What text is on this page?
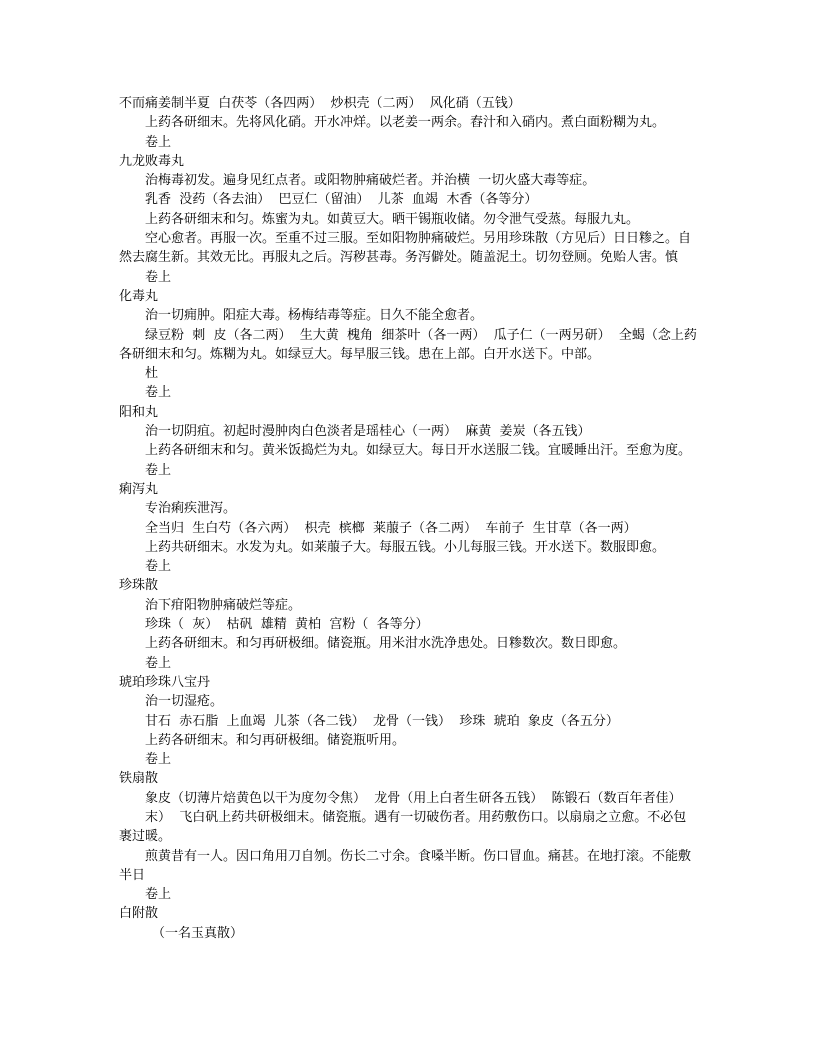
不而痛姜制半夏  白茯苓（各四两）  炒枳壳（二两）  风化硝（五钱）

上药各研细末。先将风化硝。开水冲烊。以老姜一两余。舂汁和入硝内。煮白面粉糊为丸。

卷上

九龙败毒丸

治梅毒初发。遍身见红点者。或阳物肿痛破烂者。并治横  一切火盛大毒等症。

乳香  没药（各去油）  巴豆仁（留油）  儿茶  血竭  木香（各等分）

上药各研细末和匀。炼蜜为丸。如黄豆大。晒干锡瓶收储。勿令泄气受蒸。每服九丸。

空心愈者。再服一次。至重不过三服。至如阳物肿痛破烂。另用珍珠散（方见后）日日糁之。自然去腐生新。其效无比。再服丸之后。泻秽甚毒。务泻僻处。随盖泥土。切勿登厕。免贻人害。慎

卷上

化毒丸

治一切痈肿。阳症大毒。杨梅结毒等症。日久不能全愈者。

绿豆粉  刺  皮（各二两）  生大黄  槐角  细茶叶（各一两）  瓜子仁（一两另研）  全蝎（念上药各研细末和匀。炼糊为丸。如绿豆大。每早服三钱。患在上部。白开水送下。中部。

杜

卷上

阳和丸

治一切阴疽。初起时漫肿肉白色淡者是瑶桂心（一两）  麻黄  姜炭（各五钱）

上药各研细末和匀。黄米饭捣烂为丸。如绿豆大。每日开水送服二钱。宜暖睡出汗。至愈为度。

卷上

痢泻丸

专治痢疾泄泻。

全当归  生白芍（各六两）  枳壳  槟榔  莱菔子（各二两）  车前子  生甘草（各一两）

上药共研细末。水发为丸。如莱菔子大。每服五钱。小儿每服三钱。开水送下。数服即愈。

卷上

珍珠散

治下疳阳物肿痛破烂等症。

珍珠（  灰）  枯矾  雄精  黄柏  宫粉（  各等分）

上药各研细末。和匀再研极细。储瓷瓶。用米泔水洗净患处。日糁数次。数日即愈。

卷上

琥珀珍珠八宝丹

治一切湿疮。

甘石  赤石脂  上血竭  儿茶（各二钱）  龙骨（一钱）  珍珠  琥珀  象皮（各五分）

上药各研细末。和匀再研极细。储瓷瓶听用。

卷上

铁扇散

象皮（切薄片焙黄色以干为度勿令焦）  龙骨（用上白者生研各五钱）  陈锻石（数百年者佳）

末）  飞白矾上药共研极细末。储瓷瓶。遇有一切破伤者。用药敷伤口。以扇扇之立愈。不必包裹过暖。

煎黄昔有一人。因口角用刀自刎。伤长二寸余。食嗓半断。伤口冒血。痛甚。在地打滚。不能敷半日

卷上

白附散

（一名玉真散）
